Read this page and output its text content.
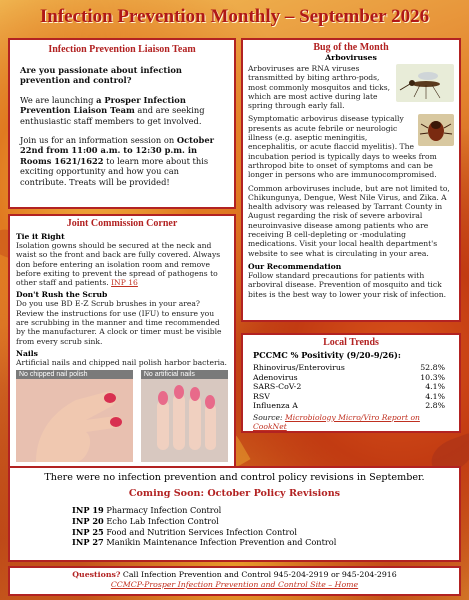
Infection Prevention Monthly – September 2026
Infection Prevention Liaison Team

Are you passionate about infection prevention and control?

We are launching a Prosper Infection Prevention Liaison Team and are seeking enthusiastic staff members to get involved.

Join us for an information session on October 22nd from 11:00 a.m. to 12:30 p.m. in Rooms 1621/1622 to learn more about this exciting opportunity and how you can contribute. Treats will be provided!

Bug of the Month
Arboviruses

Arboviruses are RNA viruses transmitted by biting arthro-pods, most commonly mosquitos and ticks, which are most active during late spring through early fall.

Symptomatic arbovirus disease typically presents as acute febrile or neurologic illness (e.g. aseptic meningitis, encephalitis, or acute flaccid myelitis). The incubation period is typically days to weeks from arthropod bite to onset of symptoms and can be longer in persons who are immunocompromised.

Common arboviruses include, but are not limited to, Chikungunya, Dengue, West Nile Virus, and Zika. A health advisory was released by Tarrant County in August regarding the risk of severe arboviral neuroinvasive disease among patients who are receiving B cell-depleting or -modulating medications. Visit your local health department's website to see what is circulating in your area.

Our Recommendation

Follow standard precautions for patients with arboviral disease. Prevention of mosquito and tick bites is the best way to lower your risk of infection.

Joint Commission Corner
Tie it Right

Isolation gowns should be secured at the neck and waist so the front and back are fully covered. Always don before entering an isolation room and remove before exiting to prevent the spread of pathogens to other staff and patients. INP 16

Don't Rush the Scrub

Do you use BD E-Z Scrub brushes in your area? Review the instructions for use (IFU) to ensure you are scrubbing in the manner and time recommended by the manufacturer. A clock or timer must be visible from every scrub sink.

Nails

Artificial nails and chipped nail polish harbor bacteria.

No chipped nail polish	No artificial nails
Local Trends
PCCMC % Positivity (9/20-9/26):
Rhinovirus/Enterovirus	52.8%
Adenovirus	10.3%
SARS-CoV-2	4.1%
RSV	4.1%
Influenza A	2.8%
Source: Microbiology Micro/Viro Report on CookNet
There were no infection prevention and control policy revisions in September.
Coming Soon: October Policy Revisions
INP 19 Pharmacy Infection Control
INP 20 Echo Lab Infection Control
INP 25 Food and Nutrition Services Infection Control
INP 27 Manikin Maintenance Infection Prevention and Control
Questions? Call Infection Prevention and Control 945-204-2919 or 945-204-2916
CCMCP-Prosper Infection Prevention and Control Site – Home
